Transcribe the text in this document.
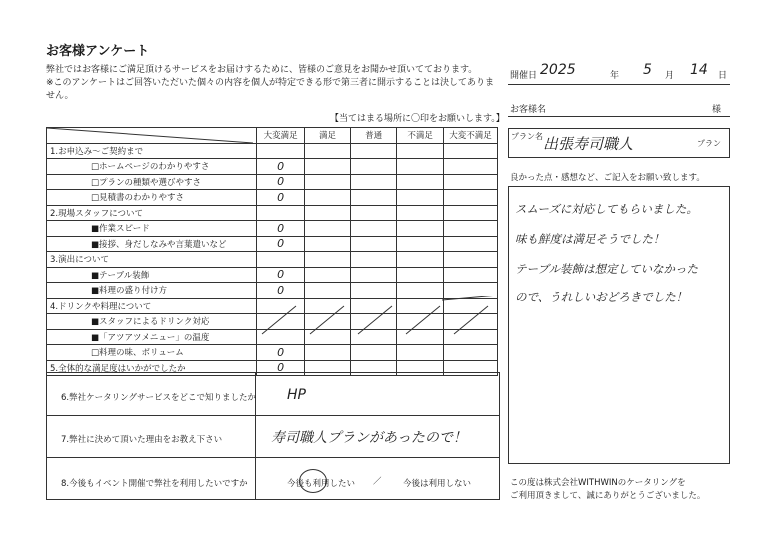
お客様アンケート
弊社ではお客様にご満足頂けるサービスをお届けするために、皆様のご意見をお聞かせ頂いてております。
※このアンケートはご回答いただいた個々の内容を個人が特定できる形で第三者に開示することは決してありま
せん。
【当てはまる場所に〇印をお願いします。】
	大変満足	満足	普通	不満足	大変不満足
1.お申込み～ご契約まで					
□ホームページのわかりやすさ	0				
□プランの種類や選びやすさ	0				
□見積書のわかりやすさ	0				
2.現場スタッフについて					
■作業スピード	0				
■接拶、身だしなみや言葉遣いなど	0				
3.演出について					
■テーブル装飾	0				
■料理の盛り付け方	0				
4.ドリンクや料理について					
■スタッフによるドリンク対応					
■「アツアツメニュー」の温度					
□料理の味、ボリューム	0				
5.全体的な満足度はいかがでしたか	0				
6.弊社ケータリングサービスをどこで知りましたか HP
7.弊社に決めて頂いた理由をお教え下さい	寿司職人プランがあったので！
8.今後もイベント開催で弊社を利用したいですか	今後も利用したい ／	今後は利用しない
開催日 2025	年 5 月 14 日
お客様名	様
プラン名 出張寿司職人	プラン
良かった点・感想など、ご記入をお願い致します。
スムーズに対応してもらいました。
味も鮮度は満足そうでした！
テーブル装飾は想定していなかった
ので、うれしいおどろきでした！
この度は株式会社WITHWINのケータリングを
ご利用頂きまして、誠にありがとうございました。
